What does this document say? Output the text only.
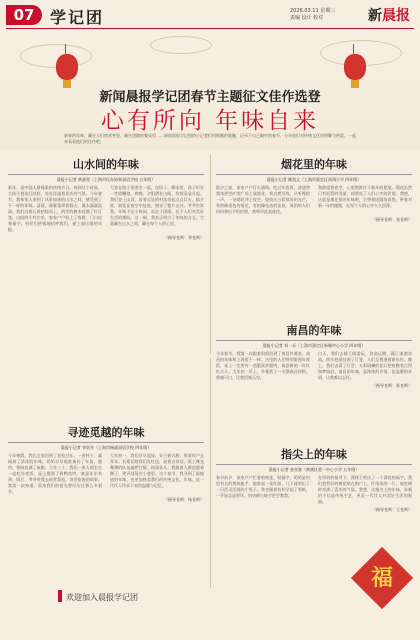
07 学记团	2026.03.11 星期三
责编 设计 校对	新晨报
新闻晨报学记团春节主题征文佳作选登
心有所向 年味自来
新春的年味，藏在人们的欢笑里，藏在团圆的餐桌里……新闻晨报学记团的小记者们用细腻的笔触，记录下自己眼中的春节，分享他们对传统文化的理解与热爱。一起来看看他们的佳作吧。
山水间的年味
晨报小记者 黄嘉雯（上海市民办协和双语学校 五年级）
新年，是中国人最隆重的传统节日。每到这个时候，大街小巷张灯结彩，处处洋溢着喜庆的气氛。今年春节，我和家人来到了风景如画的山水之间，感受到了不一样的年味。清晨，薄雾笼罩着群山，溪水潺潺流淌。我们沿着石阶拾级而上，两旁的树木挂满了红灯笼。山间的小村庄里，家家户户贴上了春联，门口挂着福字。村民们热情地招呼我们，递上刚出锅的年糕。
大家在院子里围坐一起，包饺子、聊家常，孩子们在一旁放鞭炮。傍晚，夕阳洒在山间，炊烟袅袅升起。我们登上山顶，看着远处的村落亮起点点灯火。除夕夜，烟花在夜空中绽放，照亮了整片山谷。爷爷告诉我，年味不在于热闹，而在于团圆，在于人们对美好生活的期盼。这一刻，我真正明白了年味的含义，它就藏在山水之间，藏在每个人的心里。
（指导老师：李老师）
寻迹觅越的年味
晨报小记者 李奕舟（上海市杨浦双语学校 四年级）
今年寒假，我们全家回到了老家过年。一进村子，就闻到了浓浓的年味。奶奶早早地准备好了年货，腊肉、香肠挂满了屋檐。大年三十，我们一家人围坐在一起吃年夜饭，桌上摆满了鸡鸭鱼肉，寓意年年有余。饭后，爷爷带我去祠堂祭祖，讲述家族的故事。我第一次知道，原来我们的祖先曾经历过那么多艰辛。
大年初一，我们早早起床，穿上新衣服，挨家挨户去拜年。长辈们给我们发红包，说着吉祥话。街上舞龙舞狮的队伍敲锣打鼓，热闹非凡。我跟着人群追逐着狮子，笑声回荡在小巷里。这个春节，我寻到了最地道的年味，也更加热爱我们的传统文化。年味，是一代代人传承下来的温暖与记忆。
（指导老师：杨老师）
烟花里的年味
晨报小记者 姚凯文（上海市嘉定区南翔小学 四年级）
除夕之夜，家家户户灯火通明。吃过年夜饭，爸爸带我来到空旷的广场上放烟花。我点燃引线，只听嗖的一声，一朵烟花冲上夜空，绽放出五彩缤纷的光芒，有的像金色的菊花，有的像坠落的流星。周围的人们纷纷拿出手机拍照，欢呼声此起彼伏。
我仰望着夜空，心里默默许下新年的愿望。烟花虽然只有短暂的美丽，却照亮了人们心中的希望。我想，这就是烟花里的年味吧，它带着团圆的喜悦，带着对新一年的憧憬，在每个人的心中久久回荡。
（指导老师：张老师）
南昌的年味
晨报小记者 刘一禾（上海市嘉定区新城中心小学 四年级）
今年春节，我第一次跟着妈妈回到了南昌外婆家。南昌的年味和上海很不一样。这里的人们特别重视年夜饭，桌上一定要有一道藜蒿炒腊肉，寓意新的一年红红火火。大年初一早上，外婆煮了一大锅南昌拌粉，香辣可口，让我回味无穷。
白天，我们去滕王阁游玩，登高远眺，赣江滚滚东流。街头巷尾挂满了灯笼，人们互相道着新年好。晚上，我们去看了灯会，五彩斑斓的花灯把夜晚装点得如梦如幻。南昌的年味，是浓浓的乡情，是温暖的亲情，让我难以忘怀。
（指导老师：陈老师）
指尖上的年味
晨报小记者 金宣霖（黄浦区第一中心小学 五年级）
春节前夕，家家户户忙着剪窗花、贴福字。奶奶是村里有名的剪纸能手，她拿起一张红纸，几下就剪出了一只活灵活现的小兔子。我也跟着奶奶学起了剪纸，一开始总是剪坏，奶奶耐心地手把手教我。
在奶奶的指导下，我终于剪出了一个漂亮的福字。我们把剪好的窗花贴在窗户上，红彤彤的一片，屋里顿时充满了喜庆的气氛。我想，这指尖上的年味，承载的不仅是传统手艺，更是一代代人对美好生活的祝福。
（指导老师：王老师）
福
欢迎加入晨报学记团
